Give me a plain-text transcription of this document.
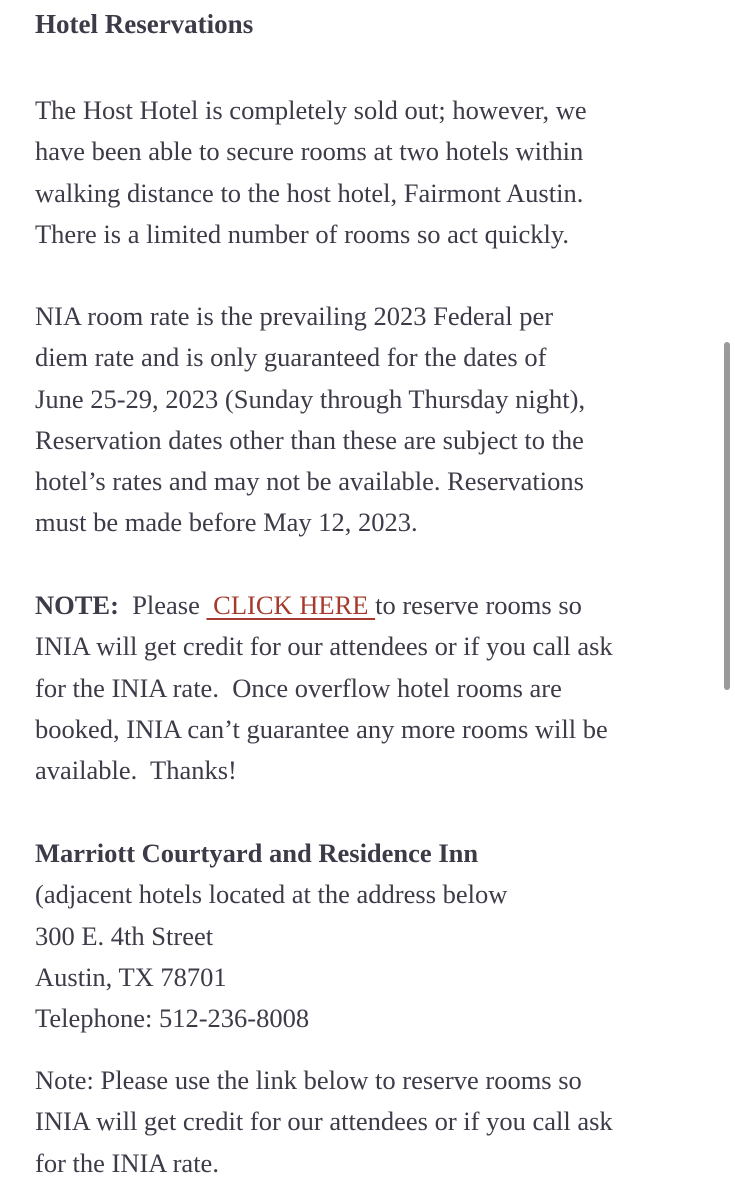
Hotel Reservations
The Host Hotel is completely sold out; however, we
have been able to secure rooms at two hotels within
walking distance to the host hotel, Fairmont Austin.
There is a limited number of rooms so act quickly.
NIA room rate is the prevailing 2023 Federal per
diem rate and is only guaranteed for the dates of
June 25-29, 2023 (Sunday through Thursday night),
Reservation dates other than these are subject to the
hotel’s rates and may not be available. Reservations
must be made before May 12, 2023.
NOTE:  Please  CLICK HERE to reserve rooms so
INIA will get credit for our attendees or if you call ask
for the INIA rate.  Once overflow hotel rooms are
booked, INIA can’t guarantee any more rooms will be
available.  Thanks!
Marriott Courtyard and Residence Inn
(adjacent hotels located at the address below
300 E. 4th Street
Austin, TX 78701
Telephone: 512-236-8008
Note: Please use the link below to reserve rooms so
INIA will get credit for our attendees or if you call ask
for the INIA rate.
